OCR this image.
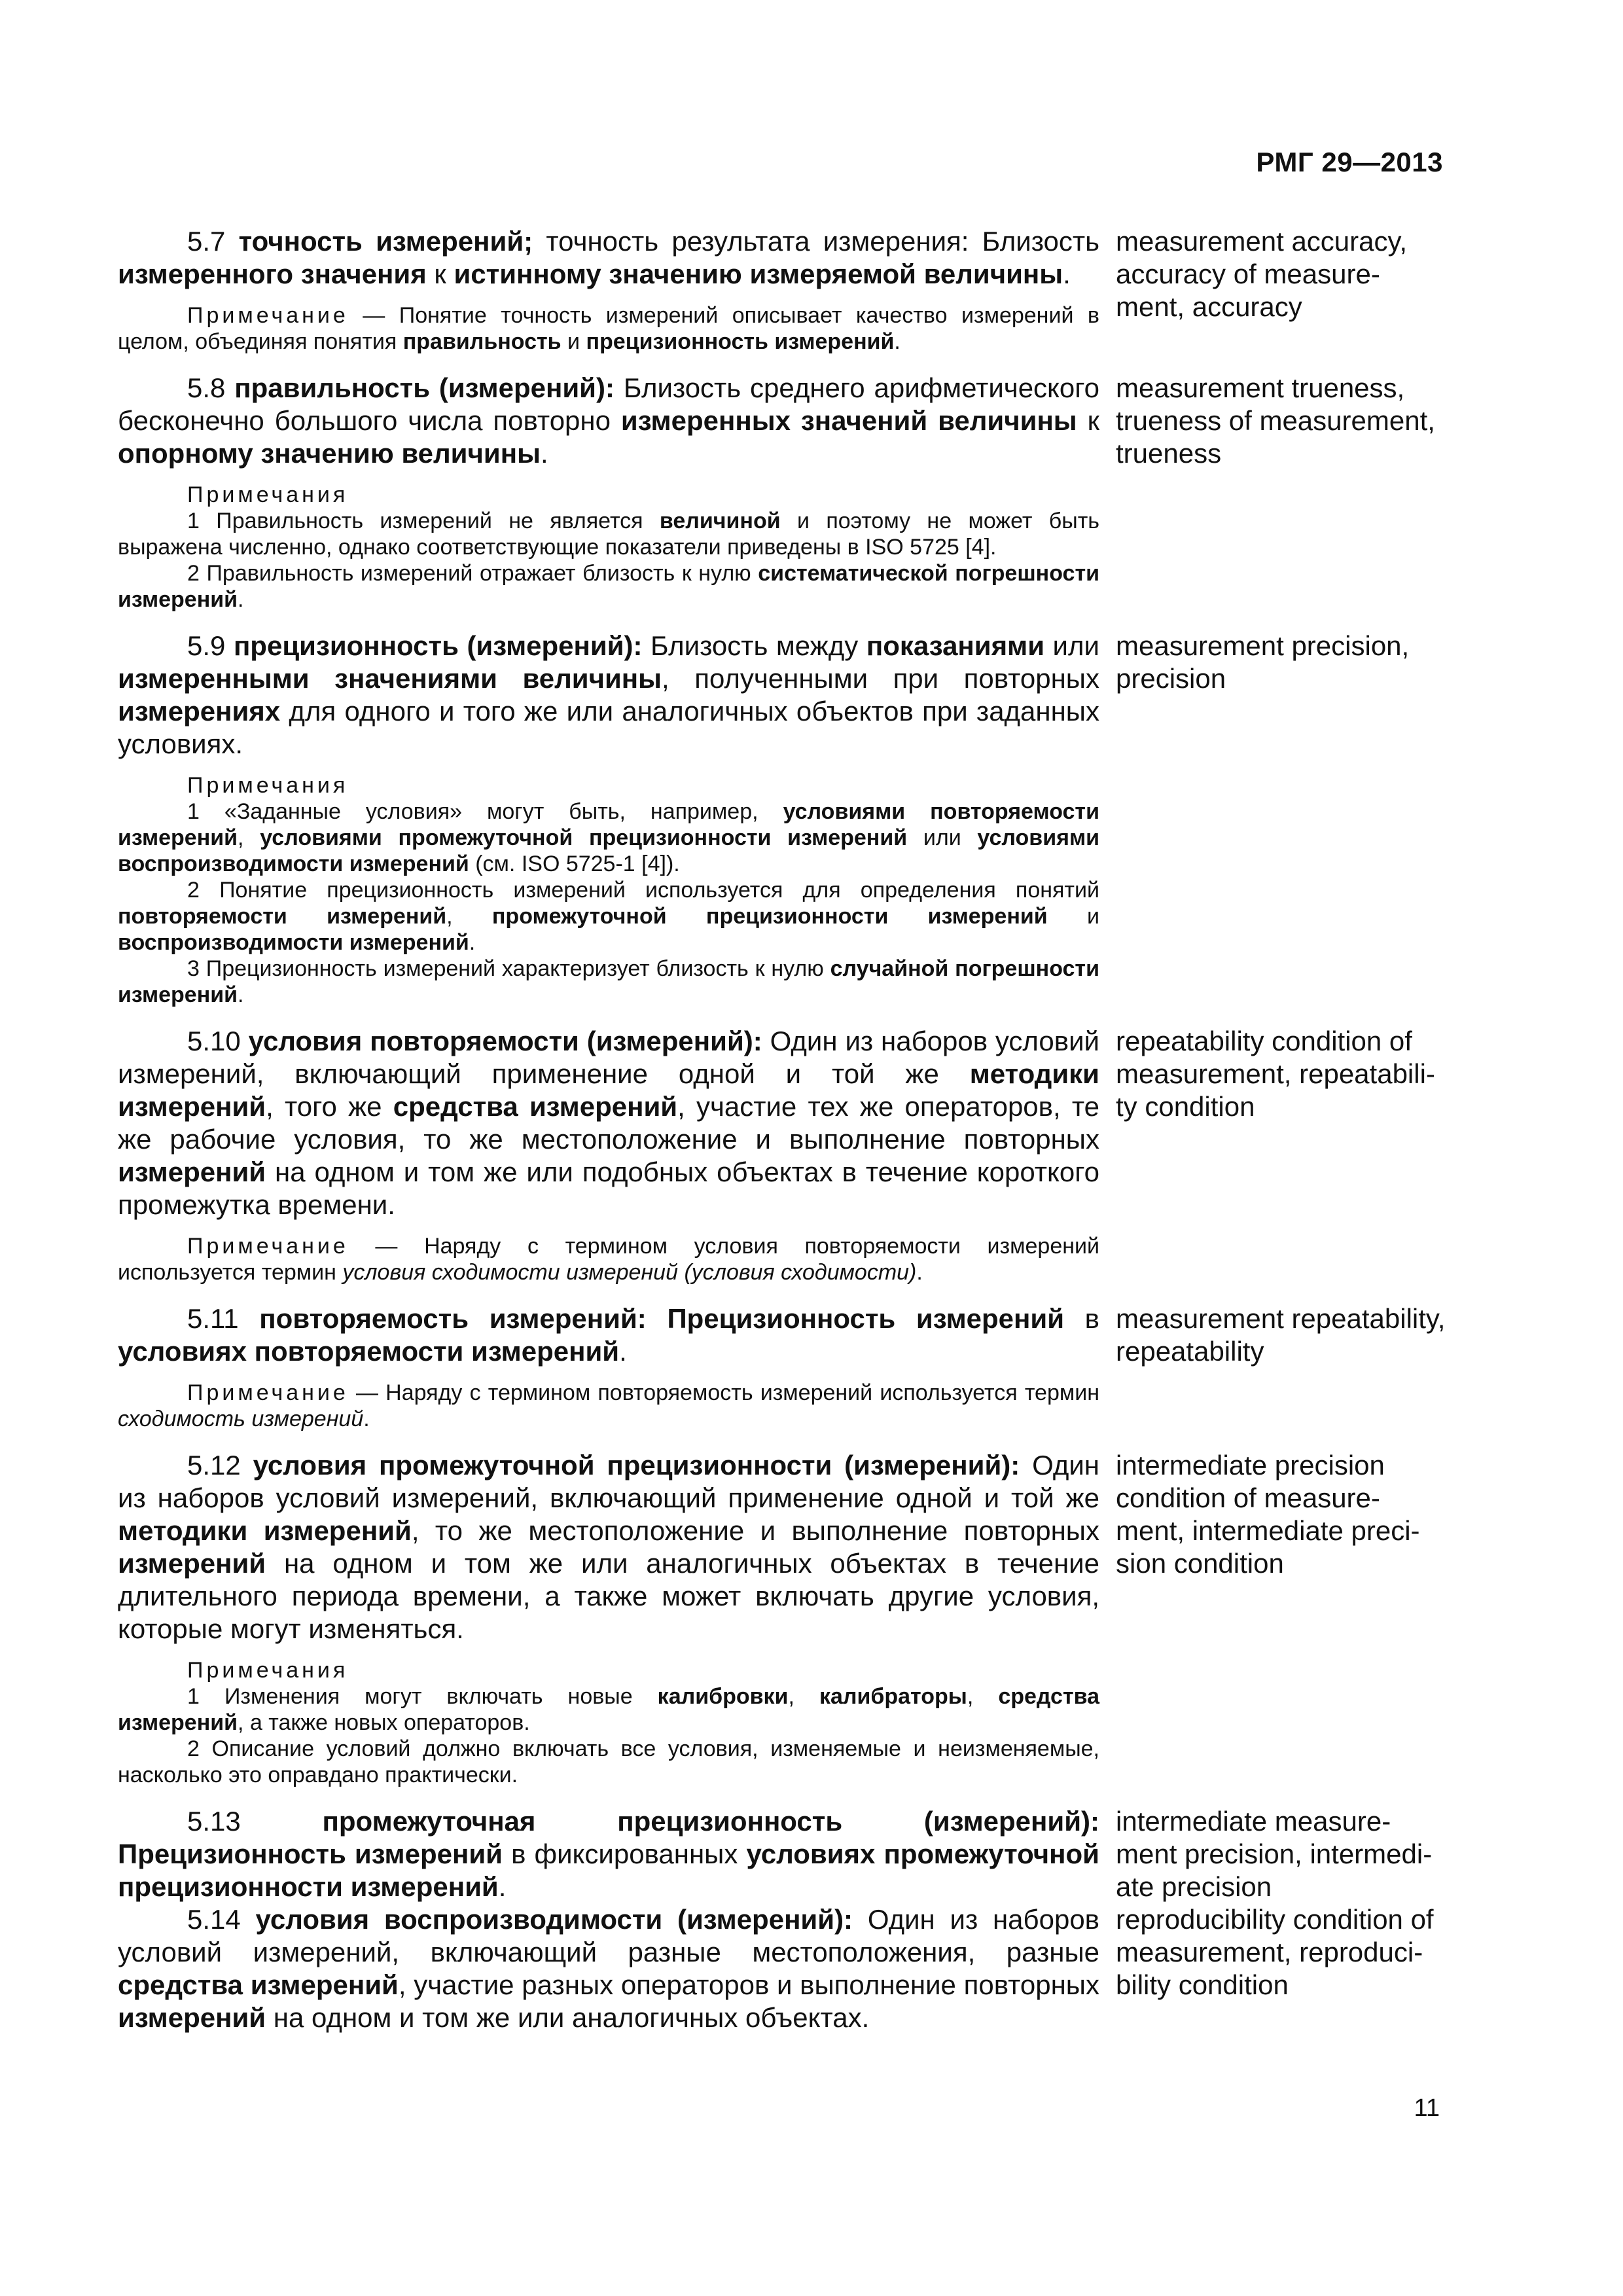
РМГ 29—2013

5.7 точность измерений; точность результата измерения: Близость измеренного значения к истинному значению измеряемой величины.

Примечание — Понятие точность измерений описывает качество измерений в целом, объединяя понятия правильность и прецизионность измерений.

measurement accuracy, accuracy of measure-ment, accuracy

5.8 правильность (измерений): Близость среднего арифметического бесконечно большого числа повторно измеренных значений величины к опорному значению величины.

Примечания

1 Правильность измерений не является величиной и поэтому не может быть выражена численно, однако соответствующие показатели приведены в ISO 5725 [4].

2 Правильность измерений отражает близость к нулю систематической погрешности измерений.

measurement trueness, trueness of measurement, trueness

5.9 прецизионность (измерений): Близость между показаниями или измеренными значениями величины, полученными при повторных измерениях для одного и того же или аналогичных объектов при заданных условиях.

Примечания

1 «Заданные условия» могут быть, например, условиями повторяемости измерений, условиями промежуточной прецизионности измерений или условиями воспроизводимости измерений (см. ISO 5725-1 [4]).

2 Понятие прецизионность измерений используется для определения понятий повторяемости измерений, промежуточной прецизионности измерений и воспроизводимости измерений.

3 Прецизионность измерений характеризует близость к нулю случайной погрешности измерений.

measurement precision, precision

5.10 условия повторяемости (измерений): Один из наборов условий измерений, включающий применение одной и той же методики измерений, того же средства измерений, участие тех же операторов, те же рабочие условия, то же местоположение и выполнение повторных измерений на одном и том же или подобных объектах в течение короткого промежутка времени.

Примечание — Наряду с термином условия повторяемости измерений используется термин условия сходимости измерений (условия сходимости).

repeatability condition of measurement, repeatabili-ty condition

5.11 повторяемость измерений: Прецизионность измерений в условиях повторяемости измерений.

Примечание — Наряду с термином повторяемость измерений используется термин сходимость измерений.

measurement repeatability, repeatability

5.12 условия промежуточной прецизионности (измерений): Один из наборов условий измерений, включающий применение одной и той же методики измерений, то же местоположение и выполнение повторных измерений на одном и том же или аналогичных объектах в течение длительного периода времени, а также может включать другие условия, которые могут изменяться.

Примечания

1 Изменения могут включать новые калибровки, калибраторы, средства измерений, а также новых операторов.

2 Описание условий должно включать все условия, изменяемые и неизменяемые, насколько это оправдано практически.

intermediate precision condition of measure-ment, intermediate preci-sion condition

5.13 промежуточная прецизионность (измерений): Прецизионность измерений в фиксированных условиях промежуточной прецизионности измерений.

intermediate measure-ment precision, intermedi-ate precision

5.14 условия воспроизводимости (измерений): Один из наборов условий измерений, включающий разные местоположения, разные средства измерений, участие разных операторов и выполнение повторных измерений на одном и том же или аналогичных объектах.

reproducibility condition of measurement, reproduci-bility condition
11
